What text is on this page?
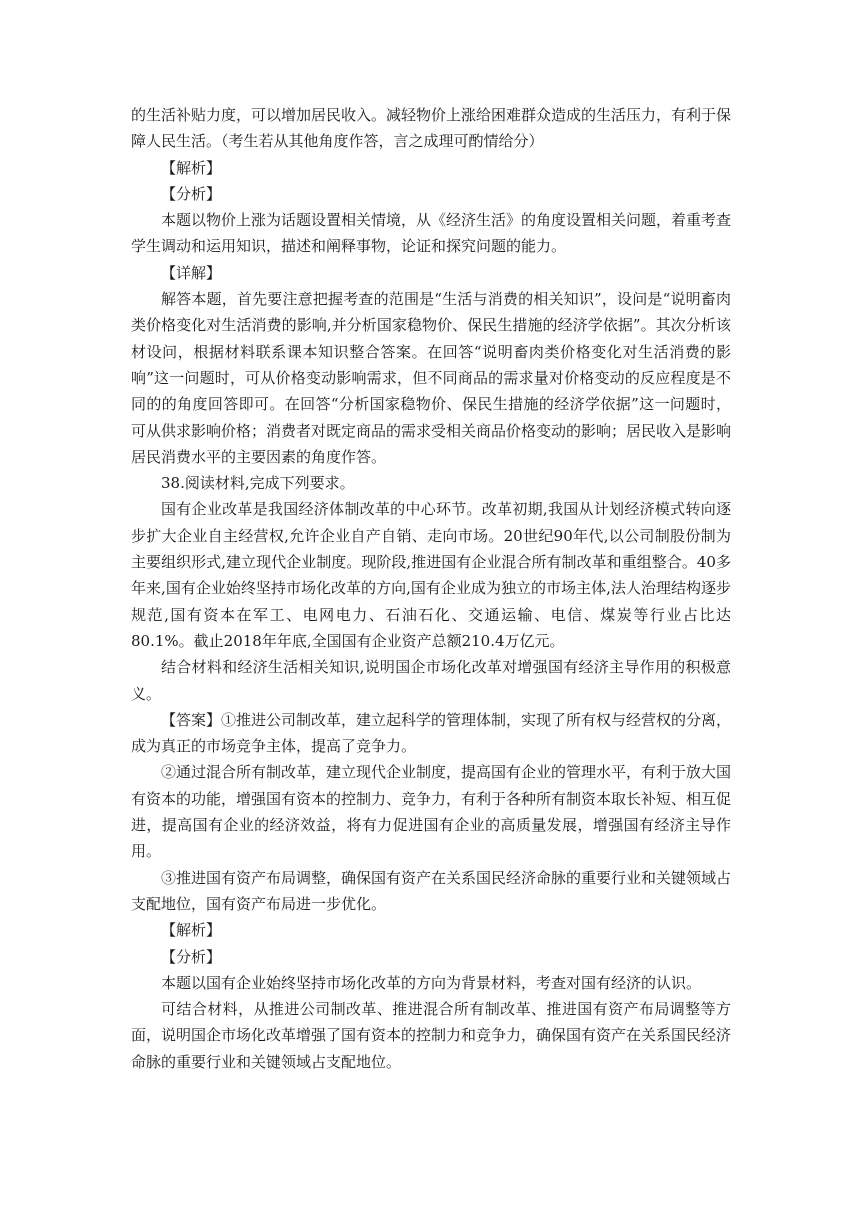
的生活补贴力度，可以增加居民收入。减轻物价上涨给困难群众造成的生活压力，有利于保障人民生活。（考生若从其他角度作答，言之成理可酌情给分）

【解析】

【分析】

本题以物价上涨为话题设置相关情境，从《经济生活》的角度设置相关问题，着重考查学生调动和运用知识，描述和阐释事物，论证和探究问题的能力。

【详解】

解答本题，首先要注意把握考查的范围是“生活与消费的相关知识”，设问是“说明畜肉类价格变化对生活消费的影响,并分析国家稳物价、保民生措施的经济学依据”。其次分析该材设问，根据材料联系课本知识整合答案。在回答“说明畜肉类价格变化对生活消费的影响”这一问题时，可从价格变动影响需求，但不同商品的需求量对价格变动的反应程度是不同的的角度回答即可。在回答“分析国家稳物价、保民生措施的经济学依据”这一问题时，可从供求影响价格；消费者对既定商品的需求受相关商品价格变动的影响；居民收入是影响居民消费水平的主要因素的角度作答。

38.阅读材料,完成下列要求。

国有企业改革是我国经济体制改革的中心环节。改革初期,我国从计划经济模式转向逐步扩大企业自主经营权,允许企业自产自销、走向市场。20世纪90年代,以公司制股份制为主要组织形式,建立现代企业制度。现阶段,推进国有企业混合所有制改革和重组整合。40多年来,国有企业始终坚持市场化改革的方向,国有企业成为独立的市场主体,法人治理结构逐步规范,国有资本在军工、电网电力、石油石化、交通运输、电信、煤炭等行业占比达80.1%。截止2018年年底,全国国有企业资产总额210.4万亿元。

结合材料和经济生活相关知识,说明国企市场化改革对增强国有经济主导作用的积极意义。

【答案】①推进公司制改革，建立起科学的管理体制，实现了所有权与经营权的分离，成为真正的市场竞争主体，提高了竞争力。

②通过混合所有制改革，建立现代企业制度，提高国有企业的管理水平，有利于放大国有资本的功能，增强国有资本的控制力、竞争力，有利于各种所有制资本取长补短、相互促进，提高国有企业的经济效益，将有力促进国有企业的高质量发展，增强国有经济主导作用。

③推进国有资产布局调整，确保国有资产在关系国民经济命脉的重要行业和关键领域占支配地位，国有资产布局进一步优化。

【解析】

【分析】

本题以国有企业始终坚持市场化改革的方向为背景材料，考查对国有经济的认识。

可结合材料，从推进公司制改革、推进混合所有制改革、推进国有资产布局调整等方面，说明国企市场化改革增强了国有资本的控制力和竞争力，确保国有资产在关系国民经济命脉的重要行业和关键领域占支配地位。
